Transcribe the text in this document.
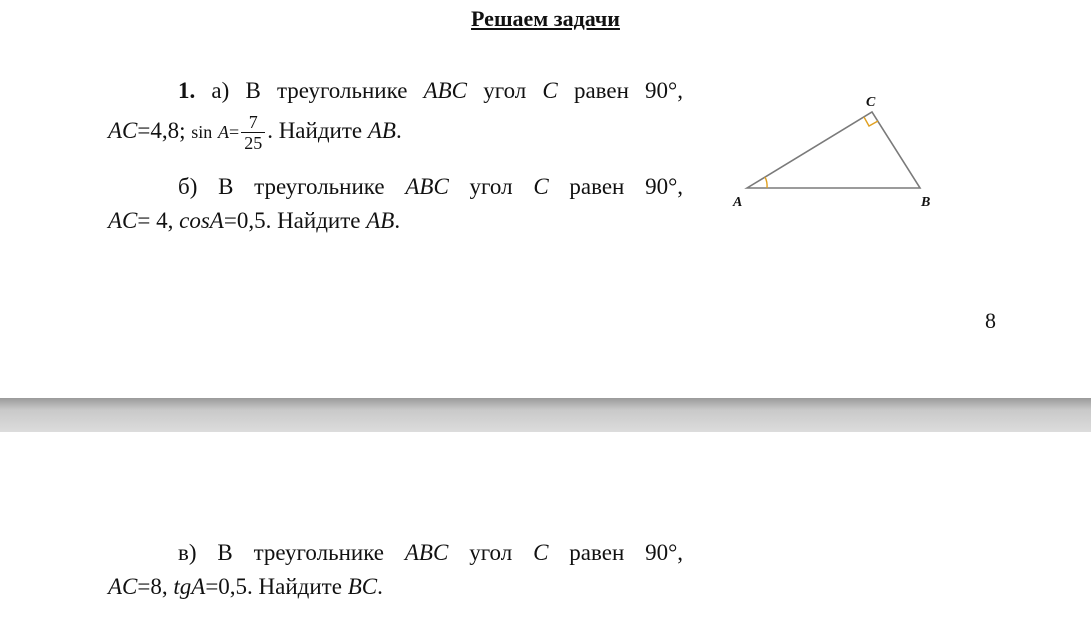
Решаем задачи
1. а) В треугольнике ABC угол C равен 90°,
AC=4,8; $\sin A= \frac{7}{25}$ . Найдите AB.
б) В треугольнике ABC угол C равен 90°,
AC= 4, cosA=0,5. Найдите AB.
A	B
C
8
в) В треугольнике ABC угол C равен 90°,
AC=8, tgA=0,5. Найдите BC.
